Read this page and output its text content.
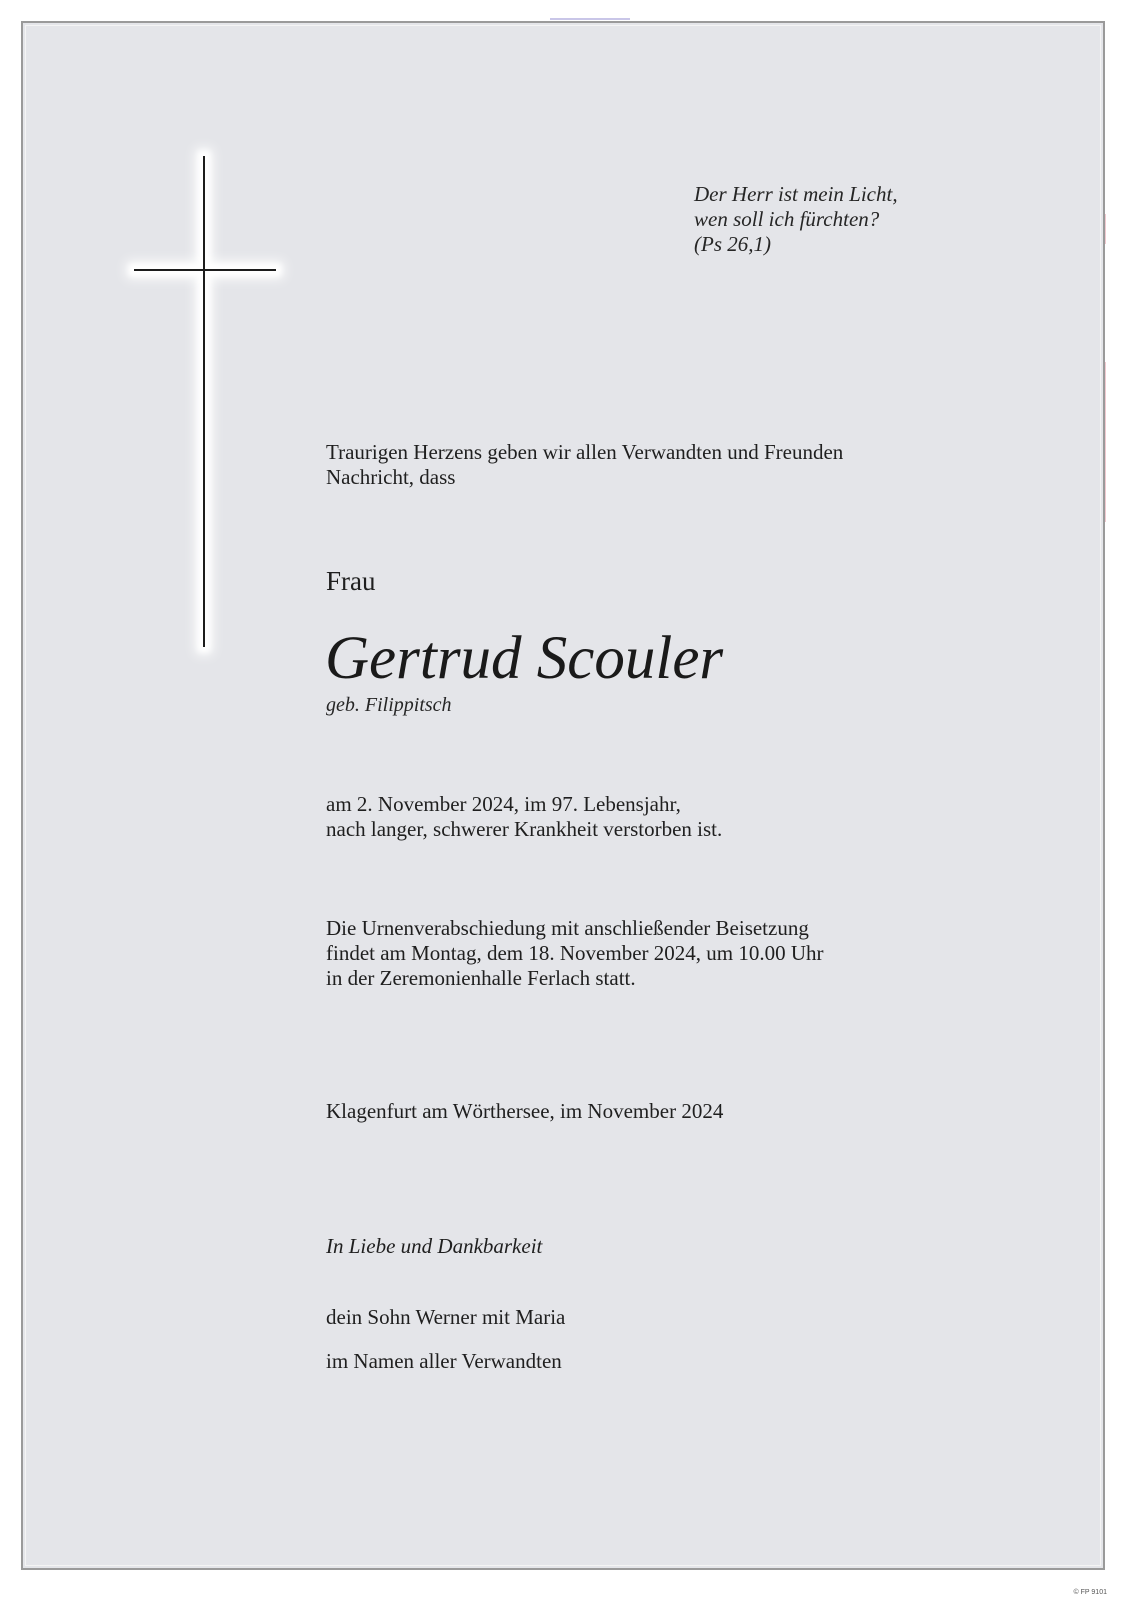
Der Herr ist mein Licht,
wen soll ich fürchten?
(Ps 26,1)
Traurigen Herzens geben wir allen Verwandten und Freunden
Nachricht, dass
Frau
Gertrud Scouler
geb. Filippitsch
am 2. November 2024, im 97. Lebensjahr,
nach langer, schwerer Krankheit verstorben ist.
Die Urnenverabschiedung mit anschließender Beisetzung
findet am Montag, dem 18. November 2024, um 10.00 Uhr
in der Zeremonienhalle Ferlach statt.
Klagenfurt am Wörthersee, im November 2024
In Liebe und Dankbarkeit
dein Sohn Werner mit Maria
im Namen aller Verwandten
© FP 9101
